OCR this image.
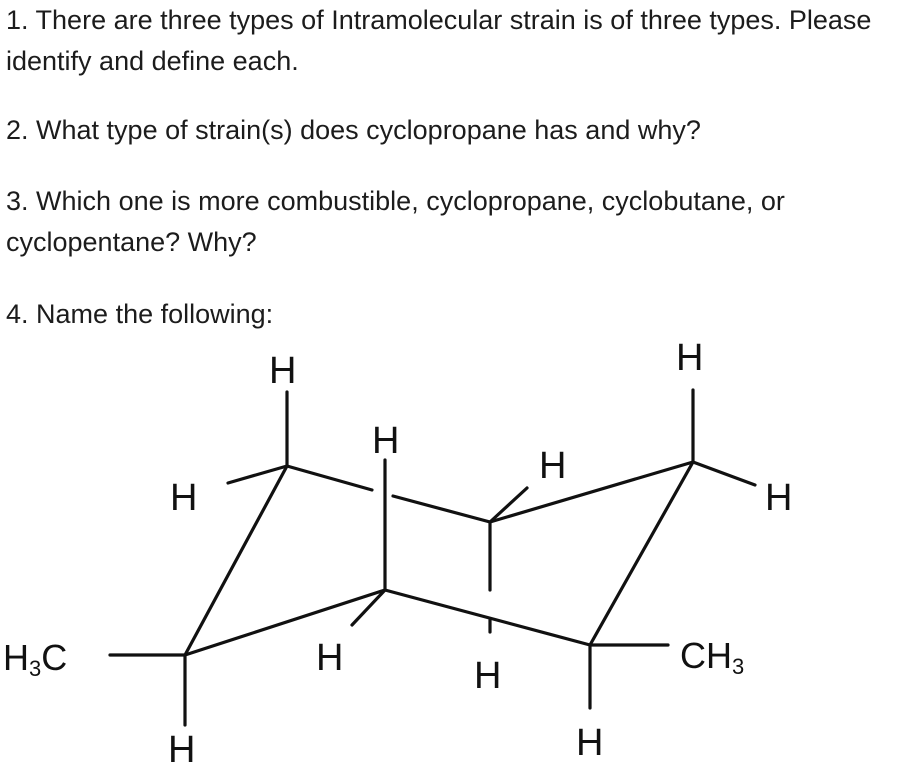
1. There are three types of Intramolecular strain is of three types. Please identify and define each.

2. What type of strain(s) does cyclopropane has and why?

3. Which one is more combustible, cyclopropane, cyclobutane, or cyclopentane? Why?

4. Name the following:

H	H
H
H
H	H
H	H
H	H
H3C	CH3
